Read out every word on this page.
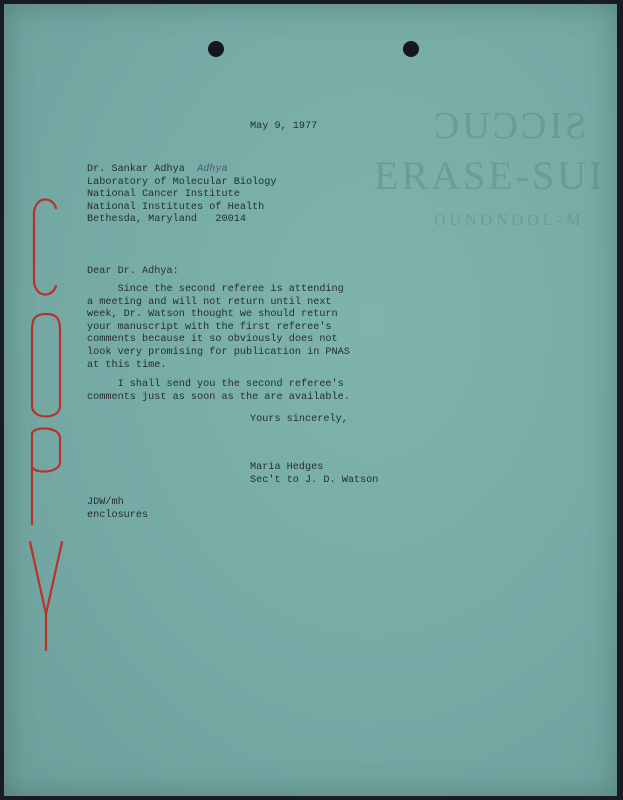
ƆUϽϽIƧ
ERASE-SUI
OUNONOOL-M

May 9, 1977

Dr. Sankar Adhya Adhya
Laboratory of Molecular Biology
National Cancer Institute
National Institutes of Health
Bethesda, Maryland   20014

Dear Dr. Adhya:

Since the second referee is attending
a meeting and will not return until next
week, Dr. Watson thought we should return
your manuscript with the first referee's
comments because it so obviously does not
look very promising for publication in PNAS
at this time.

I shall send you the second referee's
comments just as soon as the are available.

Yours sincerely,

Maria Hedges
Sec't to J. D. Watson
JDW/mh
enclosures
